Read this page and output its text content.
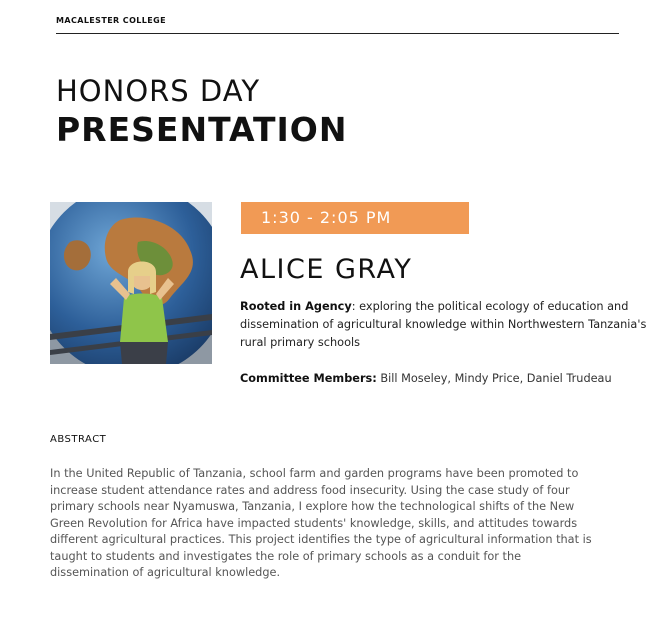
MACALESTER COLLEGE
HONORS DAY
PRESENTATION
1:30 - 2:05 PM
ALICE GRAY
Rooted in Agency: exploring the political ecology of education and dissemination of agricultural knowledge within Northwestern Tanzania's rural primary schools
Committee Members: Bill Moseley, Mindy Price, Daniel Trudeau
ABSTRACT
In the United Republic of Tanzania, school farm and garden programs have been promoted to increase student attendance rates and address food insecurity. Using the case study of four primary schools near Nyamuswa, Tanzania, I explore how the technological shifts of the New Green Revolution for Africa have impacted students' knowledge, skills, and attitudes towards different agricultural practices. This project identifies the type of agricultural information that is taught to students and investigates the role of primary schools as a conduit for the dissemination of agricultural knowledge.
